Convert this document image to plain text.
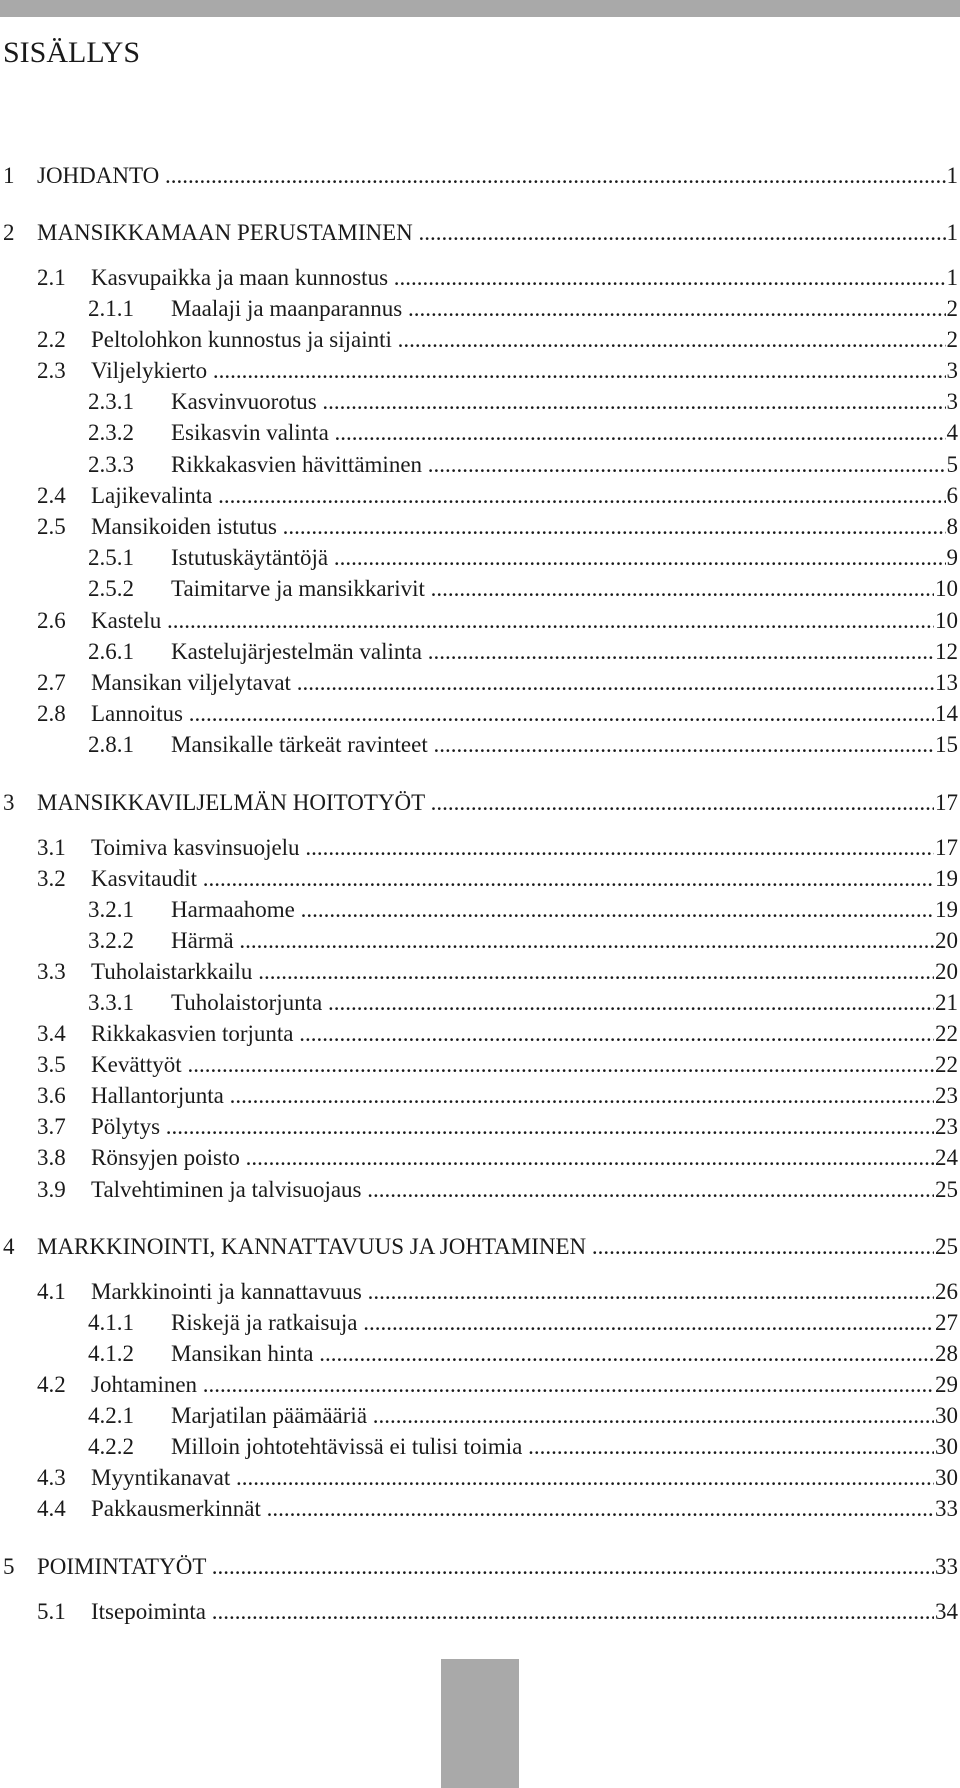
SISÄLLYS
1 JOHDANTO .....	1
2 MANSIKKAMAAN PERUSTAMINEN .....	1
2.1 Kasvupaikka ja maan kunnostus .....	1
2.1.1 Maalaji ja maanparannus .....	2
2.2 Peltolohkon kunnostus ja sijainti .....	2
2.3 Viljelykierto .....	3
2.3.1 Kasvinvuorotus .....	3
2.3.2 Esikasvin valinta .....	4
2.3.3 Rikkakasvien hävittäminen .....	5
2.4 Lajikevalinta .....	6
2.5 Mansikoiden istutus .....	8
2.5.1 Istutuskäytäntöjä .....	9
2.5.2 Taimitarve ja mansikkarivit .....	10
2.6 Kastelu .....	10
2.6.1 Kastelujärjestelmän valinta .....	12
2.7 Mansikan viljelytavat .....	13
2.8 Lannoitus .....	14
2.8.1 Mansikalle tärkeät ravinteet .....	15
3 MANSIKKAVILJELMÄN HOITOTYÖT .....	17
3.1 Toimiva kasvinsuojelu .....	17
3.2 Kasvitaudit .....	19
3.2.1 Harmaahome .....	19
3.2.2 Härmä .....	20
3.3 Tuholaistarkkailu .....	20
3.3.1 Tuholaistorjunta .....	21
3.4 Rikkakasvien torjunta .....	22
3.5 Kevättyöt .....	22
3.6 Hallantorjunta .....	23
3.7 Pölytys .....	23
3.8 Rönsyjen poisto .....	24
3.9 Talvehtiminen ja talvisuojaus .....	25
4 MARKKINOINTI, KANNATTAVUUS JA JOHTAMINEN .....	25
4.1 Markkinointi ja kannattavuus .....	26
4.1.1 Riskejä ja ratkaisuja .....	27
4.1.2 Mansikan hinta .....	28
4.2 Johtaminen .....	29
4.2.1 Marjatilan päämääriä .....	30
4.2.2 Milloin johtotehtävissä ei tulisi toimia .....	30
4.3 Myyntikanavat .....	30
4.4 Pakkausmerkinnät .....	33
5 POIMINTATYÖT .....	33
5.1 Itsepoiminta .....	34
